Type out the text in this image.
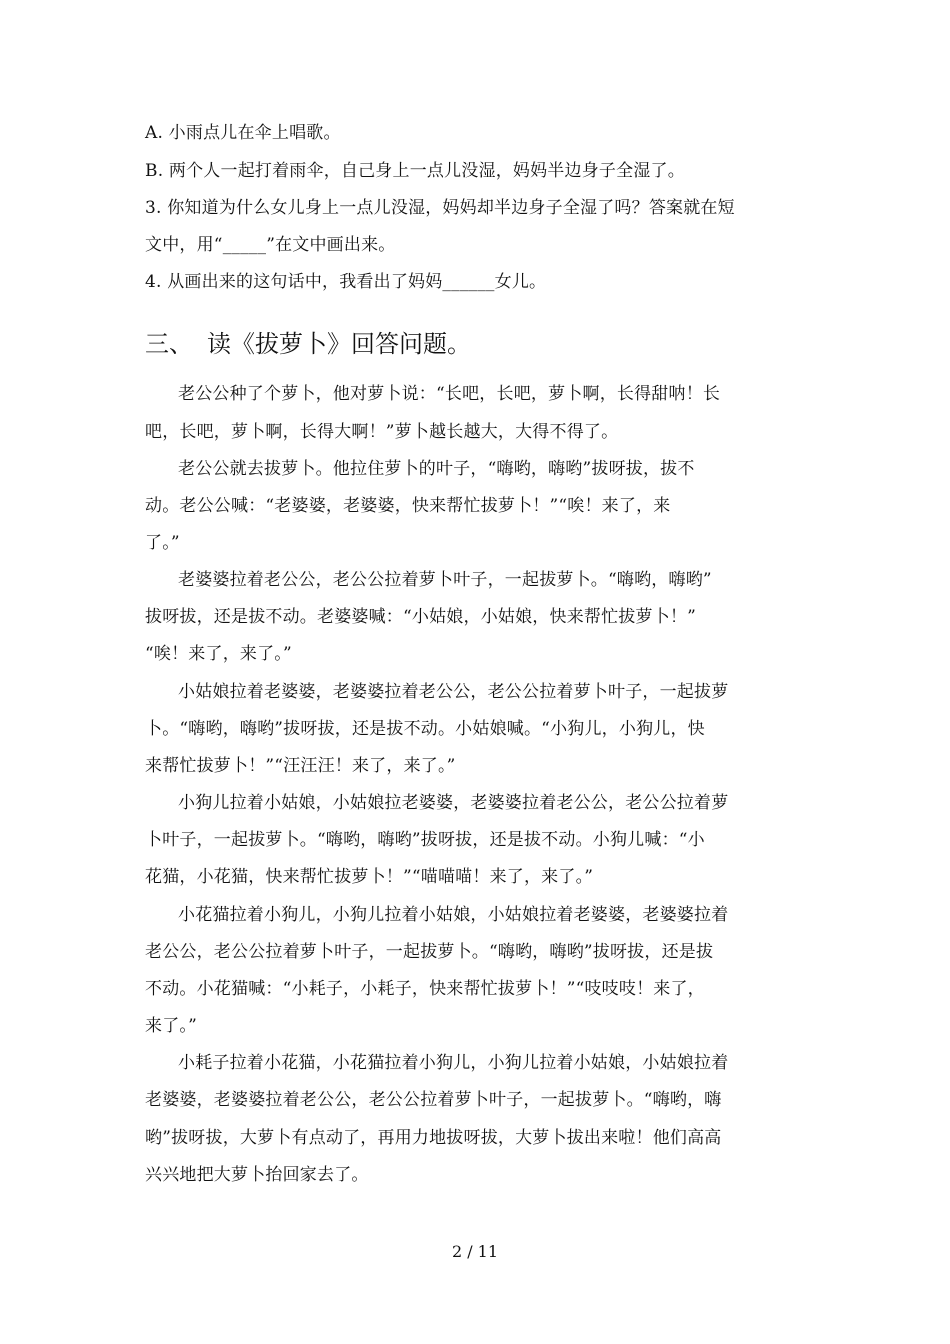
A. 小雨点儿在伞上唱歌。
B. 两个人一起打着雨伞，自己身上一点儿没湿，妈妈半边身子全湿了。
3. 你知道为什么女儿身上一点儿没湿，妈妈却半边身子全湿了吗？答案就在短
文中，用“_____”在文中画出来。
4. 从画出来的这句话中，我看出了妈妈______女儿。
三、 读《拔萝卜》回答问题。
老公公种了个萝卜，他对萝卜说：“长吧，长吧，萝卜啊，长得甜呐！长
吧，长吧，萝卜啊，长得大啊！”萝卜越长越大，大得不得了。
老公公就去拔萝卜。他拉住萝卜的叶子，“嗨哟，嗨哟”拔呀拔，拔不
动。老公公喊：“老婆婆，老婆婆，快来帮忙拔萝卜！”“唉！来了，来
了。”
老婆婆拉着老公公，老公公拉着萝卜叶子，一起拔萝卜。“嗨哟，嗨哟”
拔呀拔，还是拔不动。老婆婆喊：“小姑娘，小姑娘，快来帮忙拔萝卜！”
“唉！来了，来了。”
小姑娘拉着老婆婆，老婆婆拉着老公公，老公公拉着萝卜叶子，一起拔萝
卜。“嗨哟，嗨哟”拔呀拔，还是拔不动。小姑娘喊。“小狗儿，小狗儿，快
来帮忙拔萝卜！”“汪汪汪！来了，来了。”
小狗儿拉着小姑娘，小姑娘拉老婆婆，老婆婆拉着老公公，老公公拉着萝
卜叶子，一起拔萝卜。“嗨哟，嗨哟”拔呀拔，还是拔不动。小狗儿喊：“小
花猫，小花猫，快来帮忙拔萝卜！”“喵喵喵！来了，来了。”
小花猫拉着小狗儿，小狗儿拉着小姑娘，小姑娘拉着老婆婆，老婆婆拉着
老公公，老公公拉着萝卜叶子，一起拔萝卜。“嗨哟，嗨哟”拔呀拔，还是拔
不动。小花猫喊：“小耗子，小耗子，快来帮忙拔萝卜！”“吱吱吱！来了，
来了。”
小耗子拉着小花猫，小花猫拉着小狗儿，小狗儿拉着小姑娘，小姑娘拉着
老婆婆，老婆婆拉着老公公，老公公拉着萝卜叶子，一起拔萝卜。“嗨哟，嗨
哟”拔呀拔，大萝卜有点动了，再用力地拔呀拔，大萝卜拔出来啦！他们高高
兴兴地把大萝卜抬回家去了。
2 / 11
